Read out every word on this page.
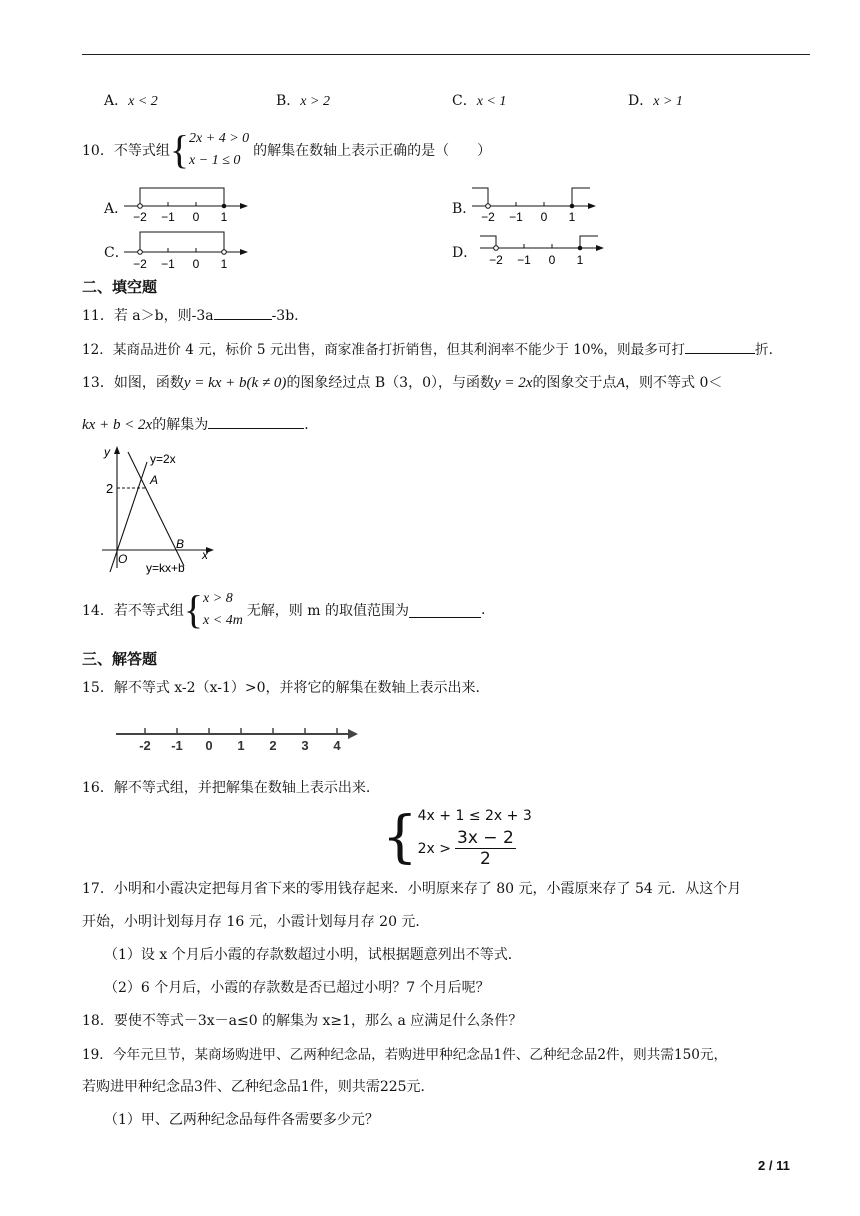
A．x < 2	B．x > 2	C．x < 1	D．x > 1
10． 不等式组 { 2x + 4 > 0
x − 1 ≤ 0
的解集在数轴上表示正确的是（　　）
A． −2 −1 0 1	B． −2 −1 0 1
C．
−2 −1 0 1
D． −2 −1 0 1
二、填空题
11．若 a＞b，则-3a	-3b.
12．某商品进价 4 元，标价 5 元出售，商家准备打折销售，但其利润率不能少于 10%，则最多可打	折.
13．如图，函数y = kx + b(k ≠ 0)的图象经过点 B（3，0），与函数y = 2x的图象交于点A，则不等式 0＜
kx + b < 2x的解集为	.
y
x
O
2
A
B
y=2x
y=kx+b
14． 若不等式组 { x > 8
x < 4m
无解，则 m 的取值范围为	.
三、解答题
15．解不等式 x-2（x-1）>0，并将它的解集在数轴上表示出来.
-2 -1 0 1 2 3 4
16．解不等式组，并把解集在数轴上表示出来.
{ 4x + 1 ≤ 2x + 3
$2x > \frac{3x - 2}{2}$
17．小明和小霞决定把每月省下来的零用钱存起来．小明原来存了 80 元，小霞原来存了 54 元．从这个月
开始，小明计划每月存 16 元，小霞计划每月存 20 元．
（1）设 x 个月后小霞的存款数超过小明，试根据题意列出不等式．
（2）6 个月后，小霞的存款数是否已超过小明？7 个月后呢？
18．要使不等式－3x－a≤0 的解集为 x≥1，那么 a 应满足什么条件？
19．今年元旦节，某商场购进甲、乙两种纪念品，若购进甲种纪念品1件、乙种纪念品2件，则共需150元，
若购进甲种纪念品3件、乙种纪念品1件，则共需225元．
（1）甲、乙两种纪念品每件各需要多少元？
2 / 11
